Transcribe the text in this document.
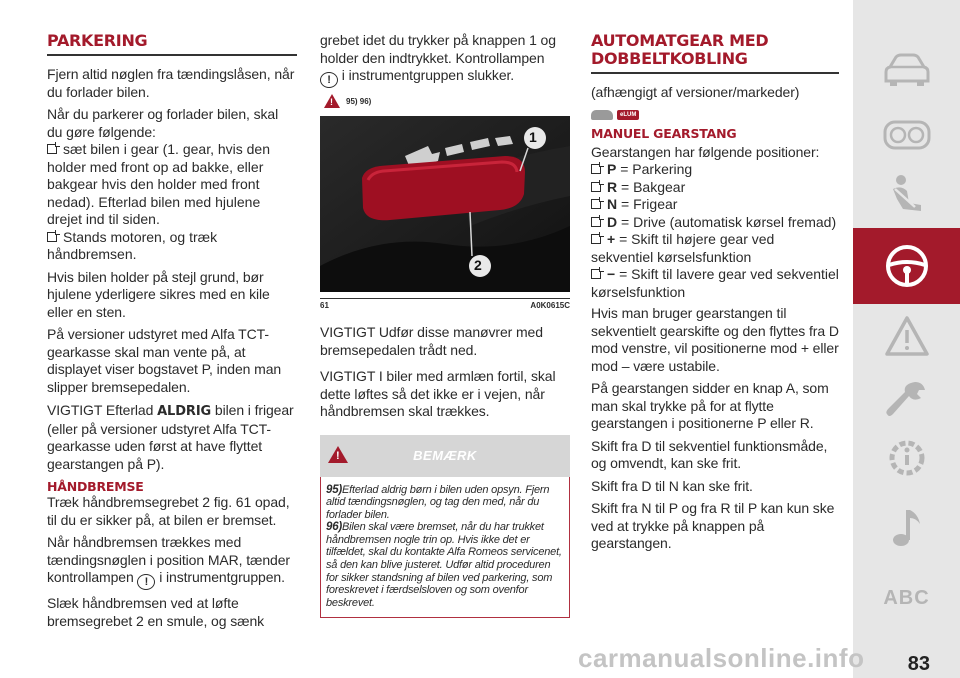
PARKERING

Fjern altid nøglen fra tændingslåsen, når du forlader bilen.

Når du parkerer og forlader bilen, skal du gøre følgende:

sæt bilen i gear (1. gear, hvis den holder med front op ad bakke, eller bakgear hvis den holder med front nedad). Efterlad bilen med hjulene drejet ind til siden.
Stands motoren, og træk håndbremsen.

Hvis bilen holder på stejl grund, bør hjulene yderligere sikres med en kile eller en sten.

På versioner udstyret med Alfa TCT-gearkasse skal man vente på, at displayet viser bogstavet P, inden man slipper bremsepedalen.

VIGTIGT Efterlad ALDRIG bilen i frigear (eller på versioner udstyret Alfa TCT-gearkasse uden først at have flyttet gearstangen på P).

HÅNDBREMSE

Træk håndbremsegrebet 2 fig. 61 opad, til du er sikker på, at bilen er bremset.

Når håndbremsen trækkes med tændingsnøglen i position MAR, tænder kontrollampen ! i instrumentgruppen.

Slæk håndbremsen ved at løfte bremsegrebet 2 en smule, og sænk

grebet idet du trykker på knappen 1 og holder den indtrykket. Kontrollampen
! i instrumentgruppen slukker.

! 95) 96)
1
2
61	A0K0615C

VIGTIGT Udfør disse manøvrer med bremsepedalen trådt ned.

VIGTIGT I biler med armlæn fortil, skal dette løftes så det ikke er i vejen, når håndbremsen skal trækkes.

!	BEMÆRK
95)Efterlad aldrig børn i bilen uden opsyn. Fjern altid tændingsnøglen, og tag den med, når du forlader bilen.
96)Bilen skal være bremset, når du har trukket håndbremsen nogle trin op. Hvis ikke det er tilfældet, skal du kontakte Alfa Romeos servicenet, så den kan blive justeret. Udfør altid proceduren for sikker standsning af bilen ved parkering, som foreskrevet i færdselsloven og som ovenfor beskrevet.
AUTOMATGEAR MED
DOBBELTKOBLING

(afhængigt af versioner/markeder)

eLUM
MANUEL GEARSTANG

Gearstangen har følgende positioner:

P = Parkering
R = Bakgear
N = Frigear
D = Drive (automatisk kørsel fremad)
+ = Skift til højere gear ved sekventiel kørselsfunktion
− = Skift til lavere gear ved sekventiel kørselsfunktion

Hvis man bruger gearstangen til sekventielt gearskifte og den flyttes fra D mod venstre, vil positionerne mod + eller mod – være ustabile.

På gearstangen sidder en knap A, som man skal trykke på for at flytte gearstangen i positionerne P eller R.

Skift fra D til sekventiel funktionsmåde, og omvendt, kan ske frit.

Skift fra D til N kan ske frit.

Skift fra N til P og fra R til P kan kun ske ved at trykke på knappen på gearstangen.

ABC
carmanualsonline.info 83
